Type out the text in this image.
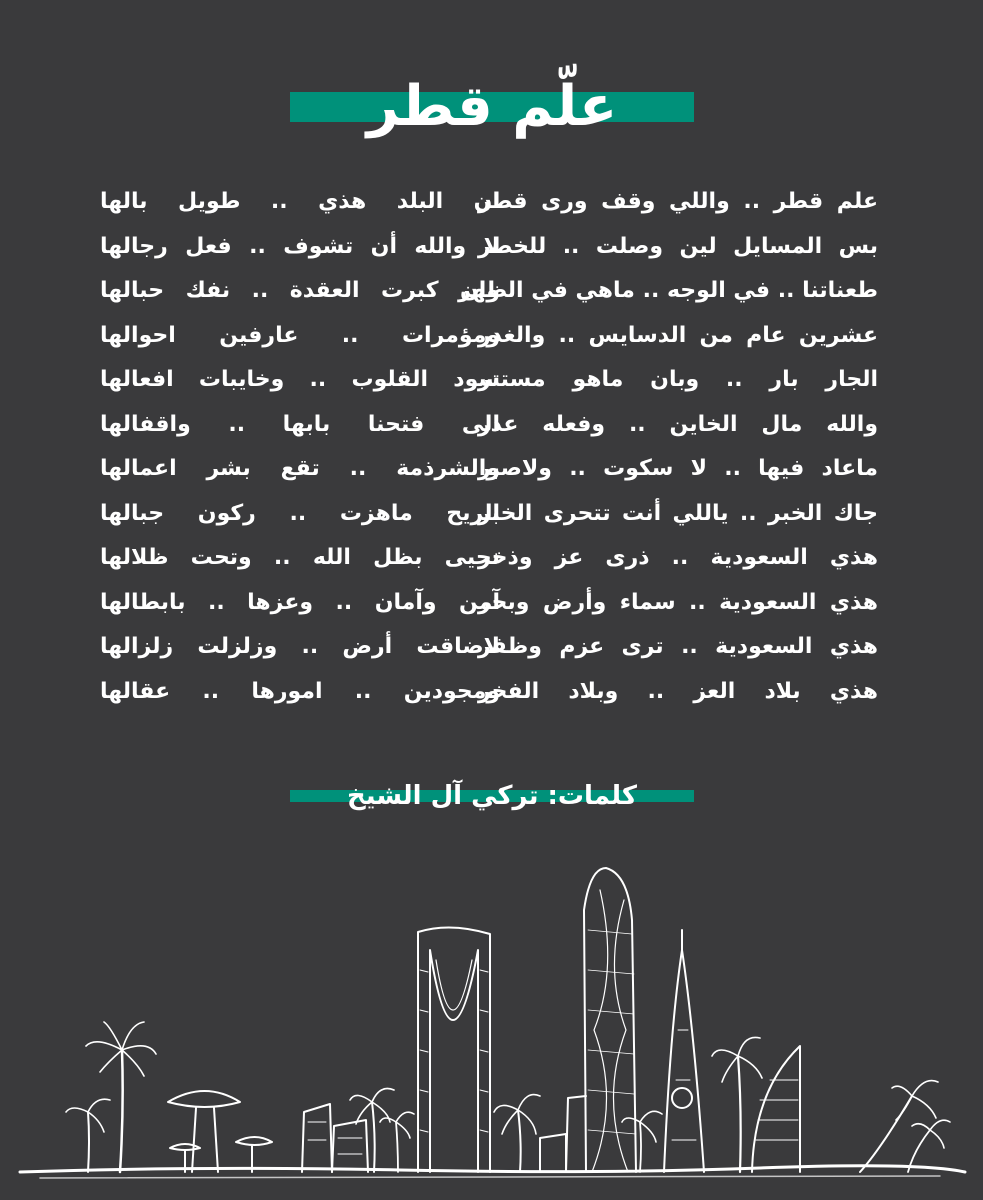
علّم قطر
علم قطر .. واللي وقف ورى قطر
بس المسايل لين وصلت .. للخطر
طعناتنا .. في الوجه .. ماهي في الظهر
عشرين عام من الدسايس .. والغدر
الجار بار .. وبان ماهو مستتر
والله مال الخاين .. وفعله عذر
ماعاد فيها .. لا سكوت .. ولاصبر
جاك الخبر .. ياللي أنت تتحرى الخبر
هذي السعودية .. ذرى عز وذخر
هذي السعودية .. سماء وأرض وبحر
هذي السعودية .. ترى عزم وظفر
هذي بلاد العز .. وبلاد الفخر
ان البلد هذي .. طويل بالها
لا والله أن تشوف .. فعل رجالها
وان كبرت العقدة .. نفك حبالها
ومؤمرات .. عارفين احوالها
سود القلوب .. وخايبات افعالها
الى فتحنا بابها .. واقفالها
والشرذمة .. تقع بشر اعمالها
الريح ماهزت .. ركون جبالها
نحيى بظل الله .. وتحت ظلالها
آمن وآمان .. وعزها .. بابطالها
لاضاقت أرض .. وزلزلت زلزالها
ومجودين .. امورها .. عقالها
كلمات: تركي آل الشيخ
